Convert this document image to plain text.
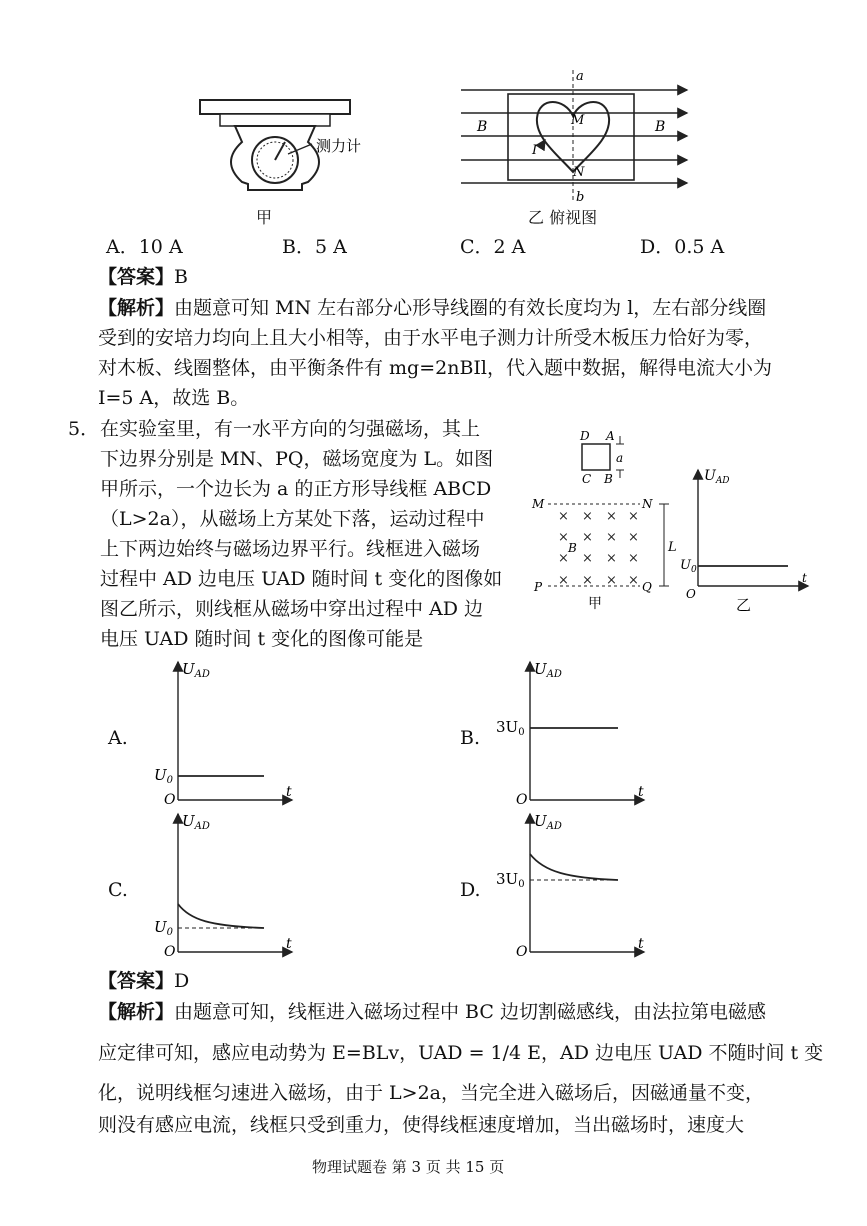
测力计
甲
a
b
B	B
M
N
I
乙 俯视图
A．10 A	B．5 A	C．2 A	D．0.5 A
【答案】B
【解析】由题意可知 MN 左右部分心形导线圈的有效长度均为 l，左右部分线圈
受到的安培力均向上且大小相等，由于水平电子测力计所受木板压力恰好为零，
对木板、线圈整体，由平衡条件有 mg=2nBIl，代入题中数据，解得电流大小为
I=5 A，故选 B。
5． 在实验室里，有一水平方向的匀强磁场，其上
下边界分别是 MN、PQ，磁场宽度为 L。如图
甲所示，一个边长为 a 的正方形导线框 ABCD
（L>2a），从磁场上方某处下落，运动过程中
上下两边始终与磁场边界平行。线框进入磁场
过程中 AD 边电压 UAD 随时间 t 变化的图像如
图乙所示，则线框从磁场中穿出过程中 AD 边
电压 UAD 随时间 t 变化的图像可能是
D A
a
C B
M	N
P	Q
× × × ×
× × × ×
× × × ×
× × × ×
B	L
甲
$U_{AD}$
$U_0$
O
t
乙
A.
$U_{AD}$
$U_0$
O	t
B.
$U_{AD}$
$3U_0$
O	t
C.
$U_{AD}$
$U_0$
O	t
D.
$U_{AD}$
$3U_0$
O	t
【答案】D
【解析】由题意可知，线框进入磁场过程中 BC 边切割磁感线，由法拉第电磁感
应定律可知，感应电动势为 E=BLv，UAD = 1/4 E，AD 边电压 UAD 不随时间 t 变
化，说明线框匀速进入磁场，由于 L>2a，当完全进入磁场后，因磁通量不变，
则没有感应电流，线框只受到重力，使得线框速度增加，当出磁场时，速度大
物理试题卷 第 3 页 共 15 页
